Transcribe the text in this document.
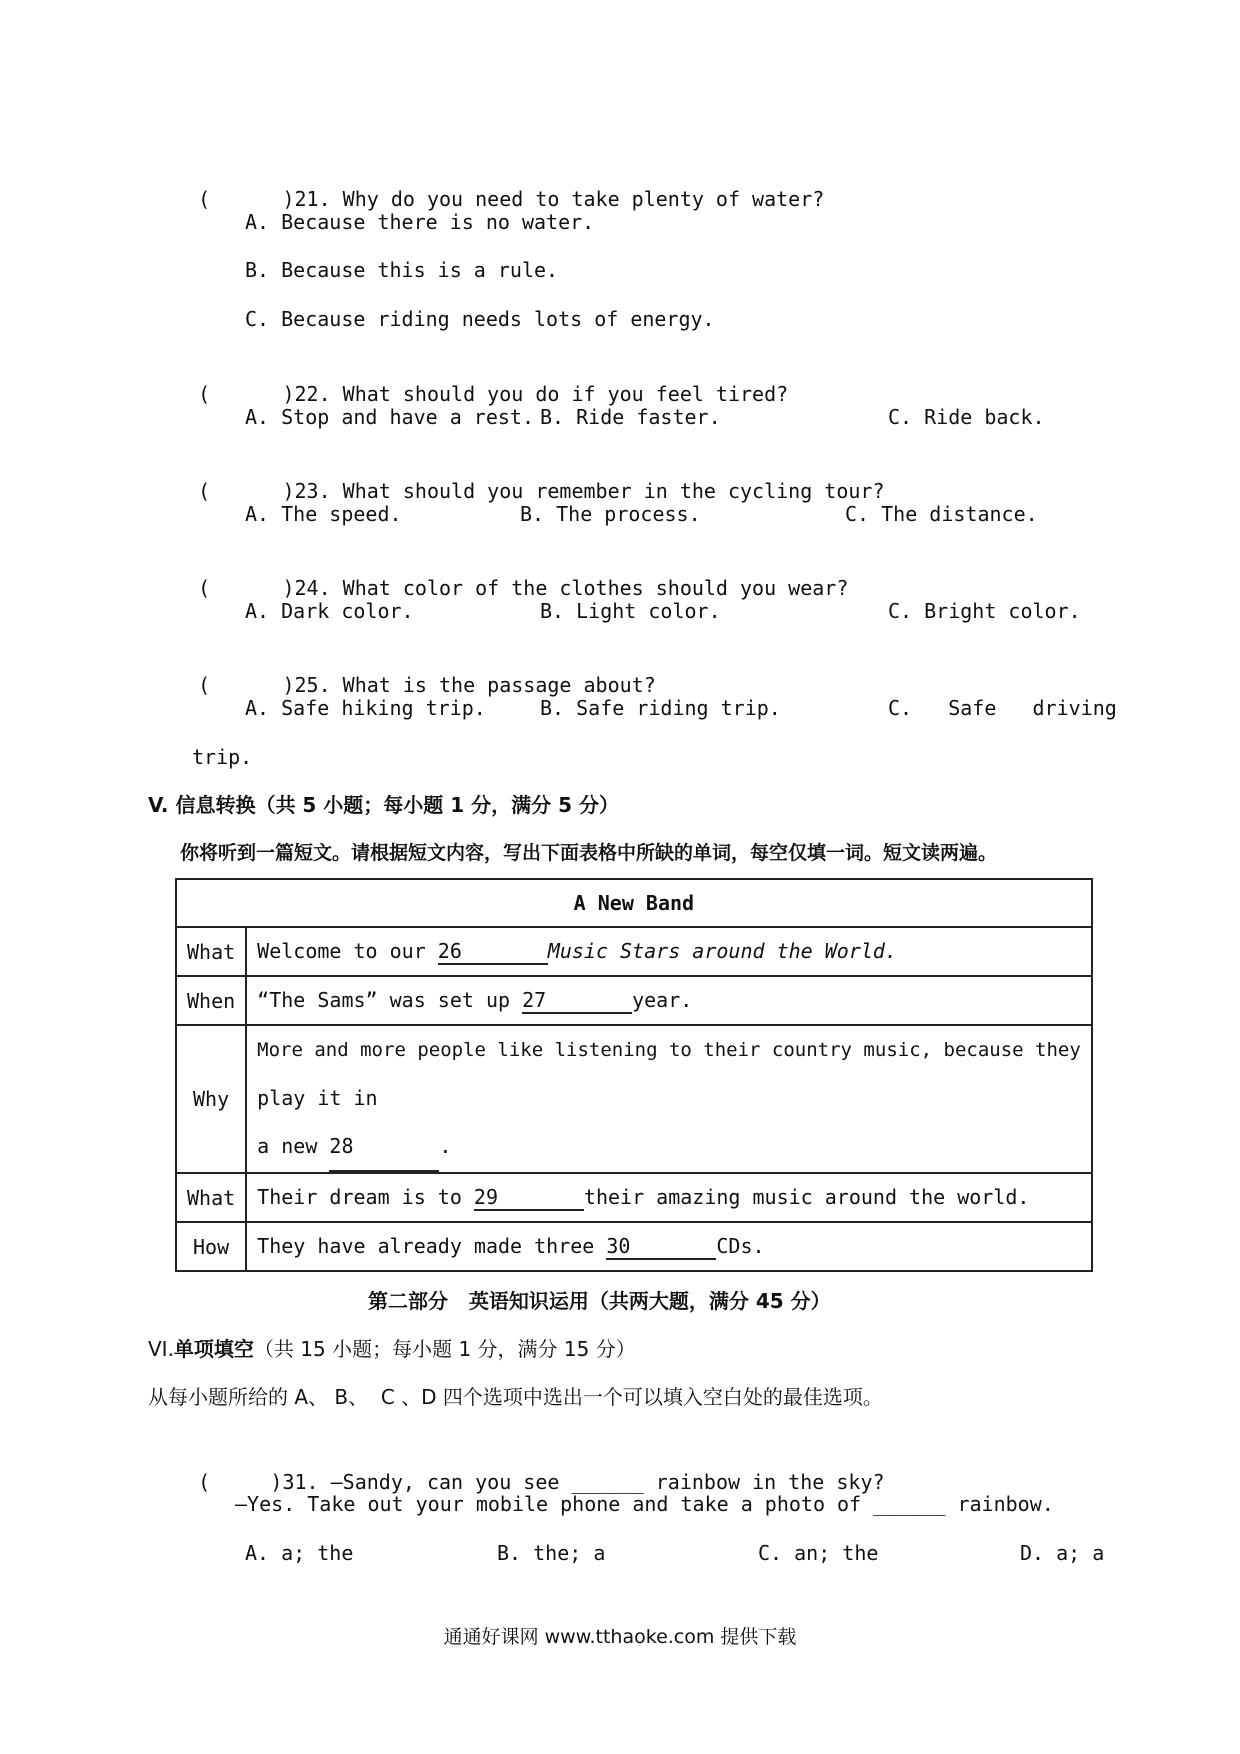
(      )21. Why do you need to take plenty of water?

A. Because there is no water.
B. Because this is a rule.
C. Because riding needs lots of energy.

(      )22. What should you do if you feel tired?

A. Stop and have a rest. B. Ride faster.	C. Ride back.

(      )23. What should you remember in the cycling tour?

A. The speed.	B. The process.	C. The distance.

(      )24. What color of the clothes should you wear?

A. Dark color.	B. Light color.	C. Bright color.

(      )25. What is the passage about?

A. Safe hiking trip.	B. Safe riding trip.	C.   Safe   driving
trip.
V. 信息转换（共 5 小题；每小题 1 分，满分 5 分）
你将听到一篇短文。请根据短文内容，写出下面表格中所缺的单词，每空仅填一词。短文读两遍。
A New Band	
What	Welcome to our 26 Music Stars around the World.
When	“The Sams” was set up 27 year.
Why	More and more people like listening to their country music, because they
play it in
a new 28 .

What	Their dream is to 29 their amazing music around the world.
How	They have already made three 30 CDs.
第二部分   英语知识运用（共两大题，满分 45 分）
VI.单项填空（共 15 小题；每小题 1 分，满分 15 分）
从每小题所给的 A、 B、  C 、D 四个选项中选出一个可以填入空白处的最佳选项。

(     )31. —Sandy, can you see ______ rainbow in the sky?

—Yes. Take out your mobile phone and take a photo of ______ rainbow.
A. a; the	B. the; a	C. an; the	D. a; a
通通好课网 www.tthaoke.com 提供下载
